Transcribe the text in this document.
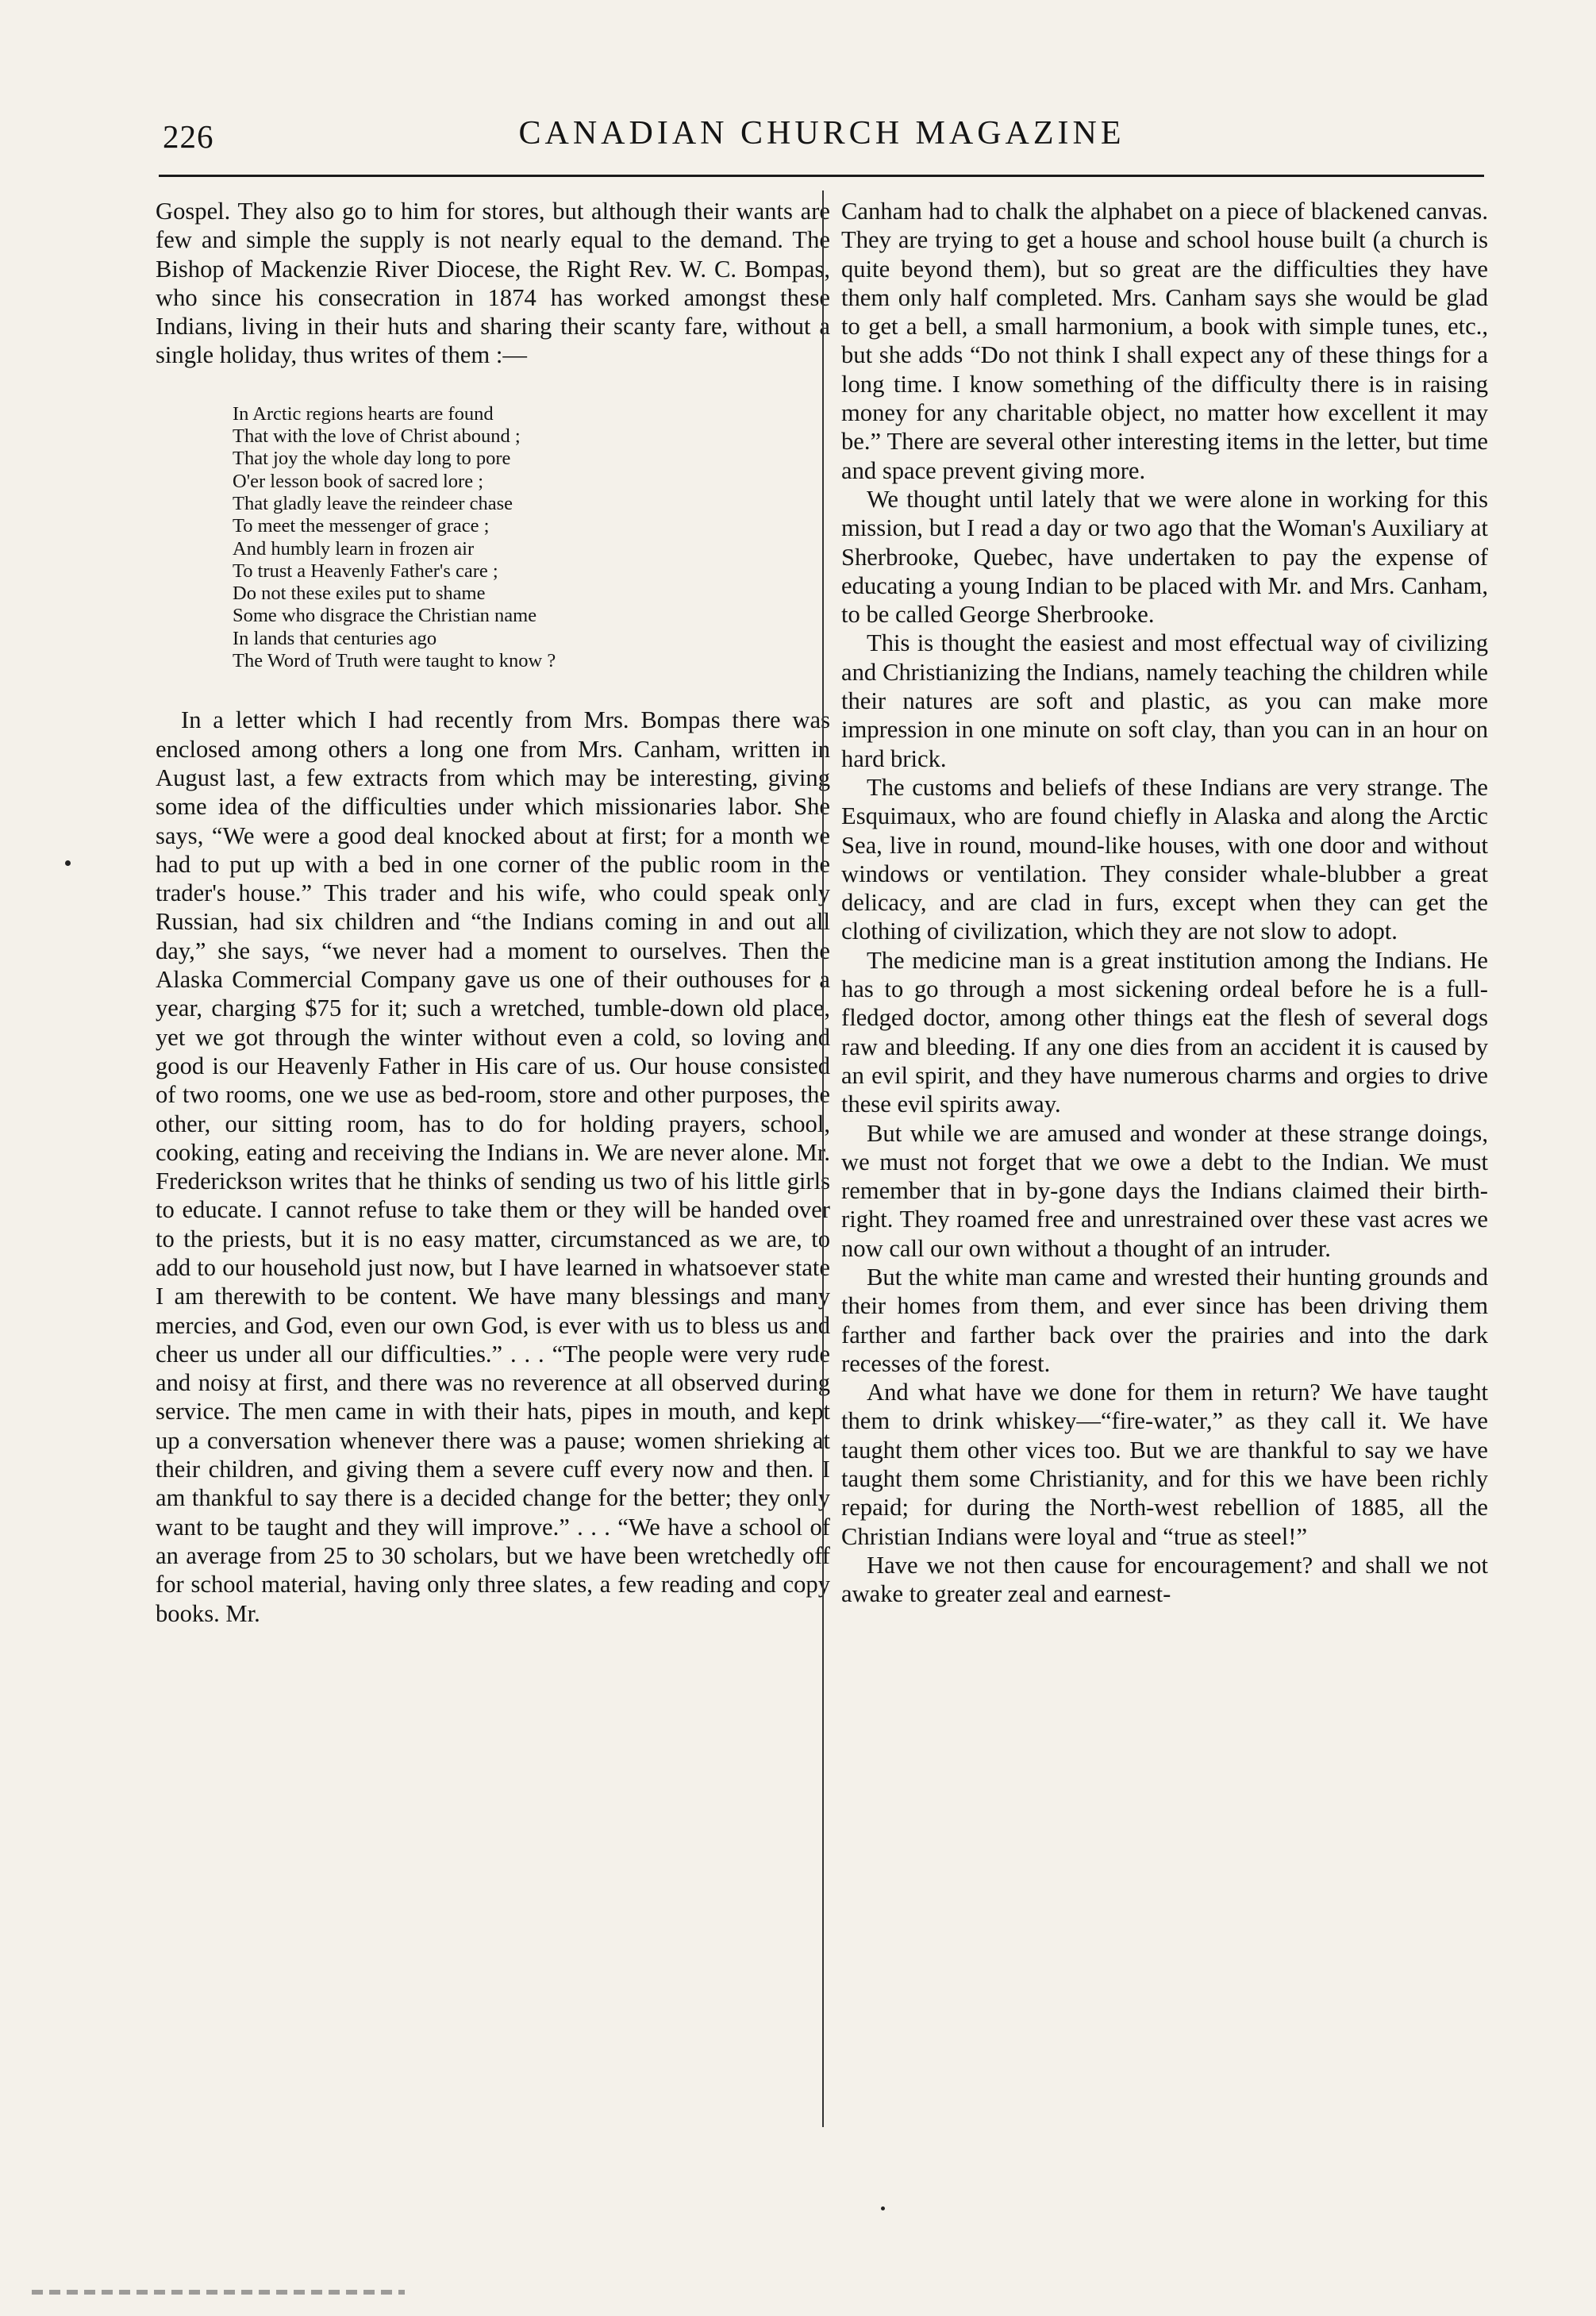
226	CANADIAN CHURCH MAGAZINE

Gospel. They also go to him for stores, but although their wants are few and simple the supply is not nearly equal to the demand. The Bishop of Mackenzie River Diocese, the Right Rev. W. C. Bompas, who since his consecration in 1874 has worked amongst these Indians, living in their huts and sharing their scanty fare, without a single holiday, thus writes of them :—

In Arctic regions hearts are found
That with the love of Christ abound ;
That joy the whole day long to pore
O'er lesson book of sacred lore ;
That gladly leave the reindeer chase
To meet the messenger of grace ;
And humbly learn in frozen air
To trust a Heavenly Father's care ;
Do not these exiles put to shame
Some who disgrace the Christian name
In lands that centuries ago
The Word of Truth were taught to know ?

In a letter which I had recently from Mrs. Bompas there was enclosed among others a long one from Mrs. Canham, written in August last, a few extracts from which may be interesting, giving some idea of the difficulties under which missionaries labor. She says, “We were a good deal knocked about at first; for a month we had to put up with a bed in one corner of the public room in the trader's house.” This trader and his wife, who could speak only Russian, had six children and “the Indians coming in and out all day,” she says, “we never had a moment to ourselves. Then the Alaska Commercial Company gave us one of their outhouses for a year, charging $75 for it; such a wretched, tumble-down old place, yet we got through the winter without even a cold, so loving and good is our Heavenly Father in His care of us. Our house consisted of two rooms, one we use as bed-room, store and other purposes, the other, our sitting room, has to do for holding prayers, school, cooking, eating and receiving the Indians in. We are never alone. Mr. Frederickson writes that he thinks of sending us two of his little girls to educate. I cannot refuse to take them or they will be handed over to the priests, but it is no easy matter, circumstanced as we are, to add to our household just now, but I have learned in whatsoever state I am therewith to be content. We have many blessings and many mercies, and God, even our own God, is ever with us to bless us and cheer us under all our difficulties.” . . . “The people were very rude and noisy at first, and there was no reverence at all observed during service. The men came in with their hats, pipes in mouth, and kept up a conversation whenever there was a pause; women shrieking at their children, and giving them a severe cuff every now and then. I am thankful to say there is a decided change for the better; they only want to be taught and they will improve.” . . . “We have a school of an average from 25 to 30 scholars, but we have been wretchedly off for school material, having only three slates, a few reading and copy books. Mr.

Canham had to chalk the alphabet on a piece of blackened canvas. They are trying to get a house and school house built (a church is quite beyond them), but so great are the difficulties they have them only half completed. Mrs. Canham says she would be glad to get a bell, a small harmonium, a book with simple tunes, etc., but she adds “Do not think I shall expect any of these things for a long time. I know something of the difficulty there is in raising money for any charitable object, no matter how excellent it may be.” There are several other interesting items in the letter, but time and space prevent giving more.

We thought until lately that we were alone in working for this mission, but I read a day or two ago that the Woman's Auxiliary at Sherbrooke, Quebec, have undertaken to pay the expense of educating a young Indian to be placed with Mr. and Mrs. Canham, to be called George Sherbrooke.

This is thought the easiest and most effectual way of civilizing and Christianizing the Indians, namely teaching the children while their natures are soft and plastic, as you can make more impression in one minute on soft clay, than you can in an hour on hard brick.

The customs and beliefs of these Indians are very strange. The Esquimaux, who are found chiefly in Alaska and along the Arctic Sea, live in round, mound-like houses, with one door and without windows or ventilation. They consider whale-blubber a great delicacy, and are clad in furs, except when they can get the clothing of civilization, which they are not slow to adopt.

The medicine man is a great institution among the Indians. He has to go through a most sickening ordeal before he is a full-fledged doctor, among other things eat the flesh of several dogs raw and bleeding. If any one dies from an accident it is caused by an evil spirit, and they have numerous charms and orgies to drive these evil spirits away.

But while we are amused and wonder at these strange doings, we must not forget that we owe a debt to the Indian. We must remember that in by-gone days the Indians claimed their birth-right. They roamed free and unrestrained over these vast acres we now call our own without a thought of an intruder.

But the white man came and wrested their hunting grounds and their homes from them, and ever since has been driving them farther and farther back over the prairies and into the dark recesses of the forest.

And what have we done for them in return? We have taught them to drink whiskey—“fire-water,” as they call it. We have taught them other vices too. But we are thankful to say we have taught them some Christianity, and for this we have been richly repaid; for during the North-west rebellion of 1885, all the Christian Indians were loyal and “true as steel!”

Have we not then cause for encouragement? and shall we not awake to greater zeal and earnest-
